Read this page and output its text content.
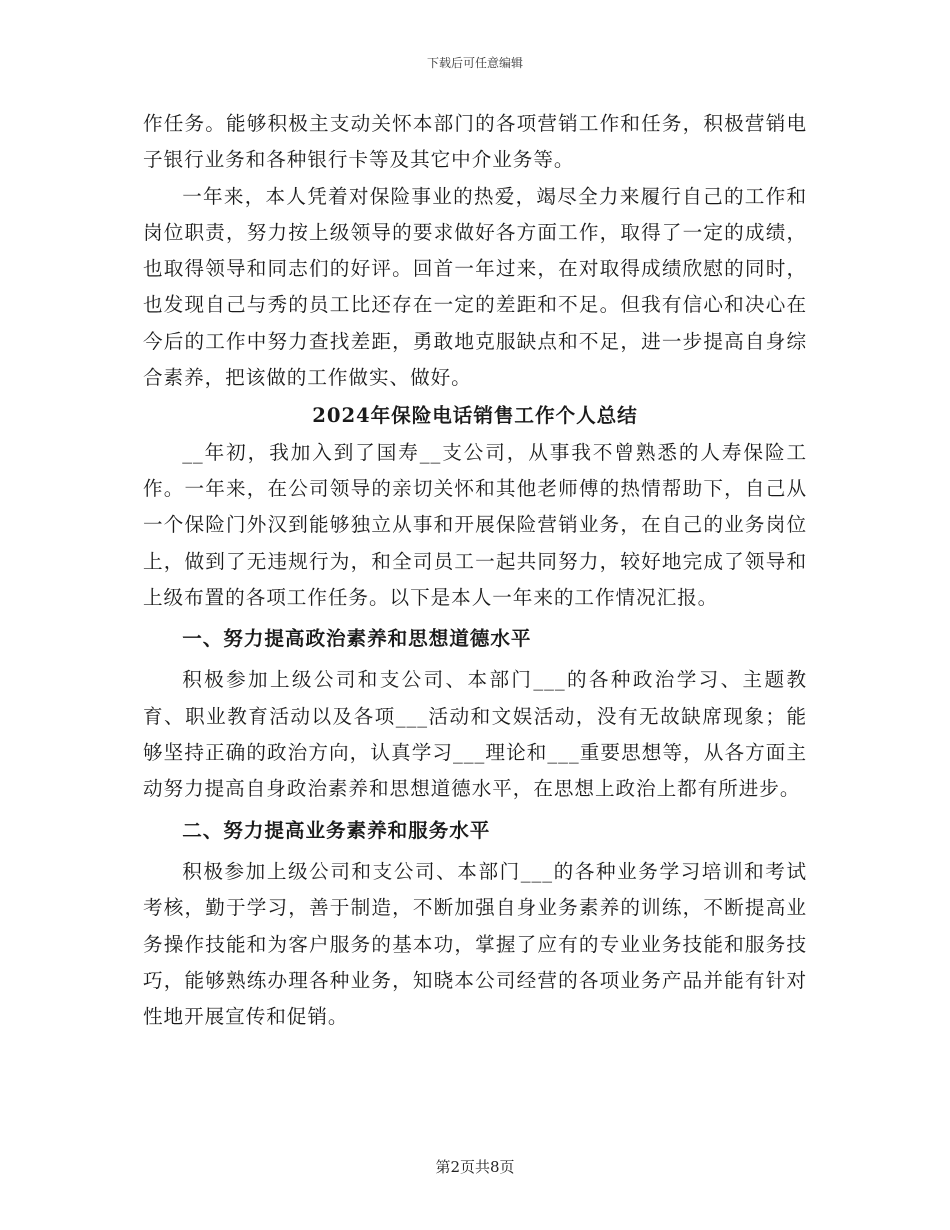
下载后可任意编辑

作任务。能够积极主支动关怀本部门的各项营销工作和任务，积极营销电子银行业务和各种银行卡等及其它中介业务等。

一年来，本人凭着对保险事业的热爱，竭尽全力来履行自己的工作和岗位职责，努力按上级领导的要求做好各方面工作，取得了一定的成绩，也取得领导和同志们的好评。回首一年过来，在对取得成绩欣慰的同时，也发现自己与秀的员工比还存在一定的差距和不足。但我有信心和决心在今后的工作中努力查找差距，勇敢地克服缺点和不足，进一步提高自身综合素养，把该做的工作做实、做好。

2024年保险电话销售工作个人总结

__年初，我加入到了国寿__支公司，从事我不曾熟悉的人寿保险工作。一年来，在公司领导的亲切关怀和其他老师傅的热情帮助下，自己从一个保险门外汉到能够独立从事和开展保险营销业务，在自己的业务岗位上，做到了无违规行为，和全司员工一起共同努力，较好地完成了领导和上级布置的各项工作任务。以下是本人一年来的工作情况汇报。

一、努力提高政治素养和思想道德水平

积极参加上级公司和支公司、本部门___的各种政治学习、主题教育、职业教育活动以及各项___活动和文娱活动，没有无故缺席现象；能够坚持正确的政治方向，认真学习___理论和___重要思想等，从各方面主动努力提高自身政治素养和思想道德水平，在思想上政治上都有所进步。

二、努力提高业务素养和服务水平

积极参加上级公司和支公司、本部门___的各种业务学习培训和考试考核，勤于学习，善于制造，不断加强自身业务素养的训练，不断提高业务操作技能和为客户服务的基本功，掌握了应有的专业业务技能和服务技巧，能够熟练办理各种业务，知晓本公司经营的各项业务产品并能有针对性地开展宣传和促销。

第2页共8页
